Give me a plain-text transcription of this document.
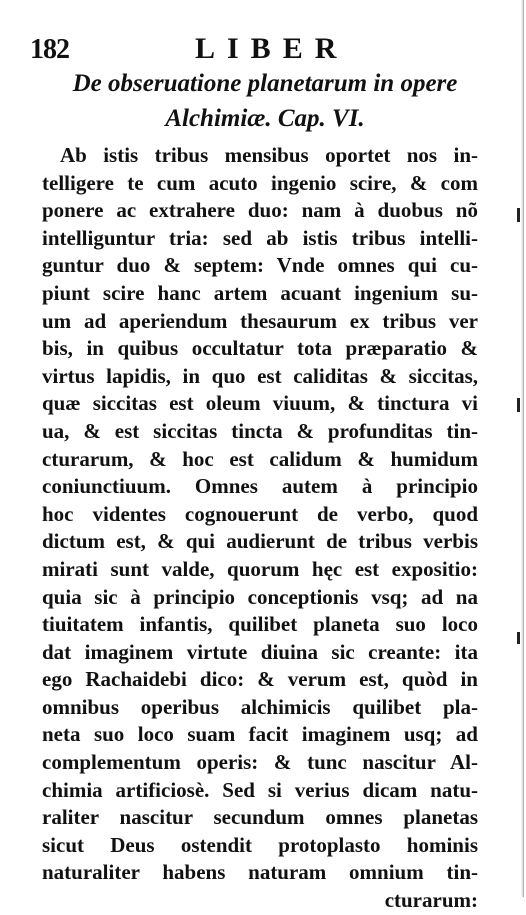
182	LIBER
De obseruatione planetarum in opere
Alchimiæ. Cap. VI.
Ab istis tribus mensibus oportet nos in-
telligere te cum acuto ingenio scire, & com
ponere ac extrahere duo: nam à duobus nõ
intelliguntur tria: sed ab istis tribus intelli-
guntur duo & septem: Vnde omnes qui cu-
piunt scire hanc artem acuant ingenium su-
um ad aperiendum thesaurum ex tribus ver
bis, in quibus occultatur tota præparatio &
virtus lapidis, in quo est caliditas & siccitas,
quæ siccitas est oleum viuum, & tinctura vi
ua, & est siccitas tincta & profunditas tin-
cturarum, & hoc est calidum & humidum
coniunctiuum. Omnes autem à principio
hoc videntes cognouerunt de verbo, quod
dictum est, & qui audierunt de tribus verbis
mirati sunt valde, quorum hęc est expositio:
quia sic à principio conceptionis vsq; ad na
tiuitatem infantis, quilibet planeta suo loco
dat imaginem virtute diuina sic creante: ita
ego Rachaidebi dico: & verum est, quòd in
omnibus operibus alchimicis quilibet pla-
neta suo loco suam facit imaginem usq; ad
complementum operis: & tunc nascitur Al-
chimia artificiosè. Sed si verius dicam natu-
raliter nascitur secundum omnes planetas
sicut Deus ostendit protoplasto hominis
naturaliter habens naturam omnium tin-
cturarum:
